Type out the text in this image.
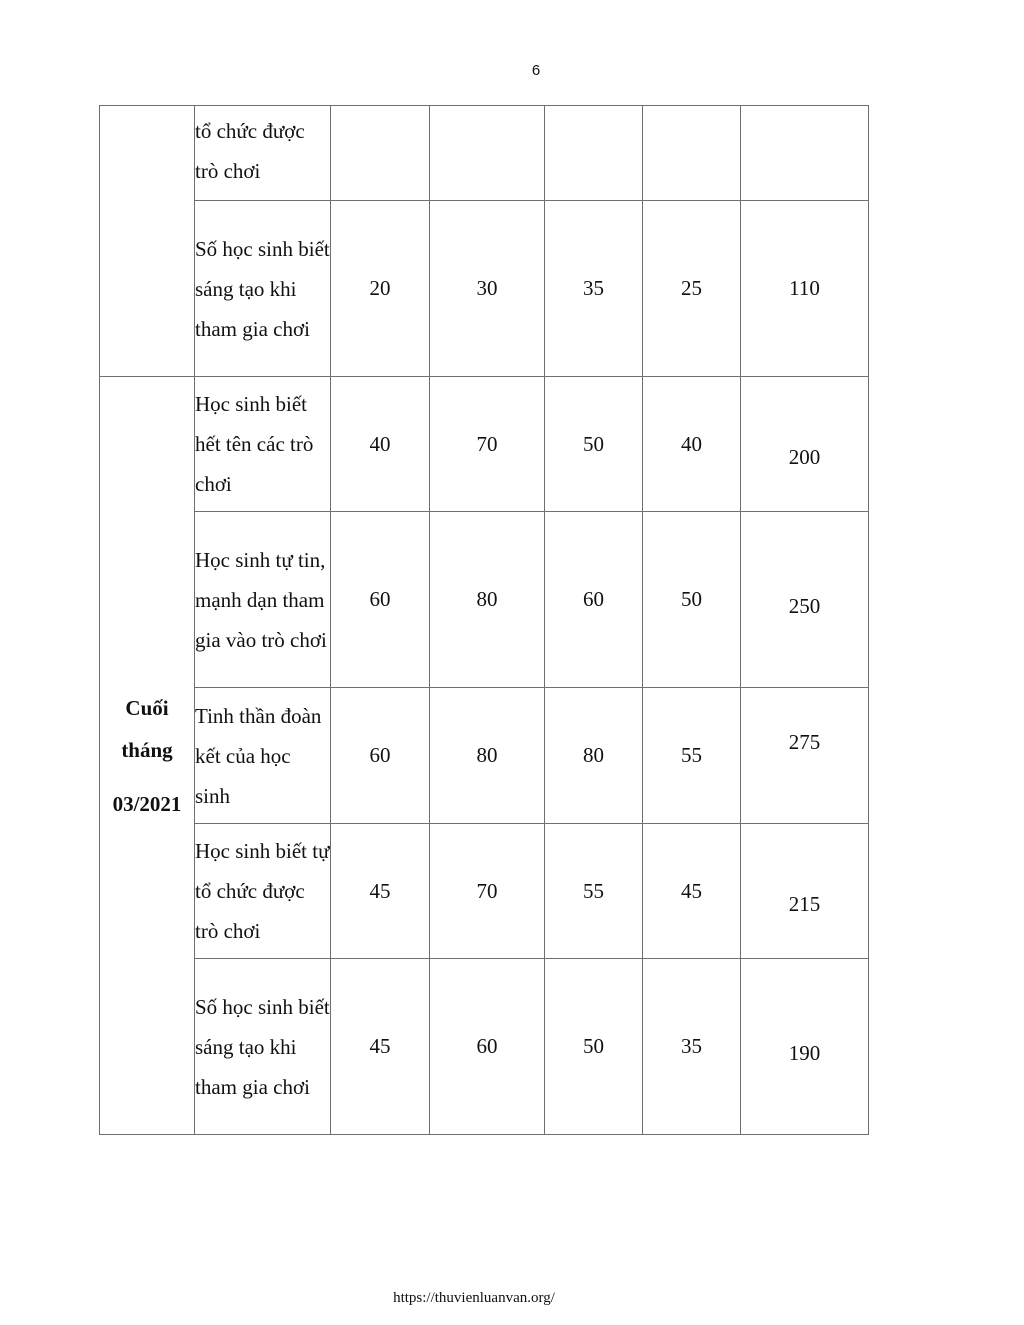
6

	tổ chức được trò chơi					

	Số học sinh biết sáng tạo khi tham gia chơi	20	30	35	25	110

Cuối
tháng
03/2021	Học sinh biết hết tên các trò chơi	40	70	50	40	200

	Học sinh tự tin, mạnh dạn tham gia vào trò chơi	60	80	60	50	250

	Tinh thần đoàn kết của học sinh	60	80	80	55	275

	Học sinh biết tự tổ chức được trò chơi	45	70	55	45	215

	Số học sinh biết sáng tạo khi tham gia chơi	45	60	50	35	190
https://thuvienluanvan.org/
